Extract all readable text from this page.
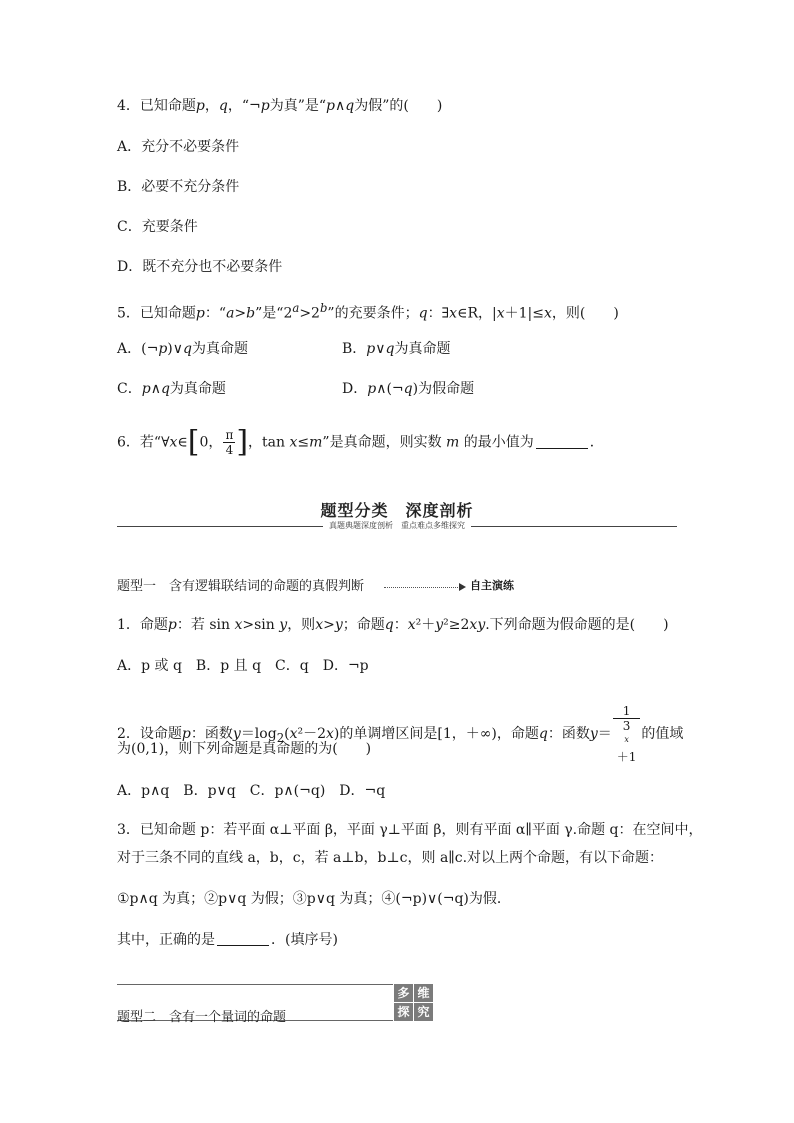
4．已知命题p，q，“¬p为真”是“p∧q为假”的(　　)
A．充分不必要条件
B．必要不充分条件
C．充要条件
D．既不充分也不必要条件
5．已知命题p：“a>b”是“$2^a>2^b$”的充要条件；q：∃x∈R，|x＋1|≤x，则(　　)
A．(¬p)∨q为真命题	B．p∨q为真命题
C．p∧q为真命题	D．p∧(¬q)为假命题
6．若“∀x∈[0， $\frac{\pi}{4}$ ]，tan x≤m”是真命题，则实数 m 的最小值为	．
题型分类　深度剖析
真题典题深度剖析　重点难点多维探究
题型一　含有逻辑联结词的命题的真假判断	自主演练
1．命题p：若 sin x>sin y，则x>y；命题q：x²＋y²≥2xy.下列命题为假命题的是(　　)
A．p 或 q　B．p 且 q　C．q　D．¬p
2．设命题p：函数$y=\log_2(x^2-2x)$的单调增区间是[1，＋∞)，命题q：函数y＝ 1
3
$^x$
＋1 的值域
为(0,1)，则下列命题是真命题的为(　　)
A．p∧q　B．p∨q　C．p∧(¬q)　D．¬q
3．已知命题 p：若平面 α⊥平面 β，平面 γ⊥平面 β，则有平面 α∥平面 γ.命题 q：在空间中，
对于三条不同的直线 a，b，c，若 a⊥b，b⊥c，则 a∥c.对以上两个命题，有以下命题：
①p∧q 为真；②p∨q 为假；③p∨q 为真；④(¬p)∨(¬q)为假．
其中，正确的是	．(填序号)
题型二　含有一个量词的命题
多 维
探 究
